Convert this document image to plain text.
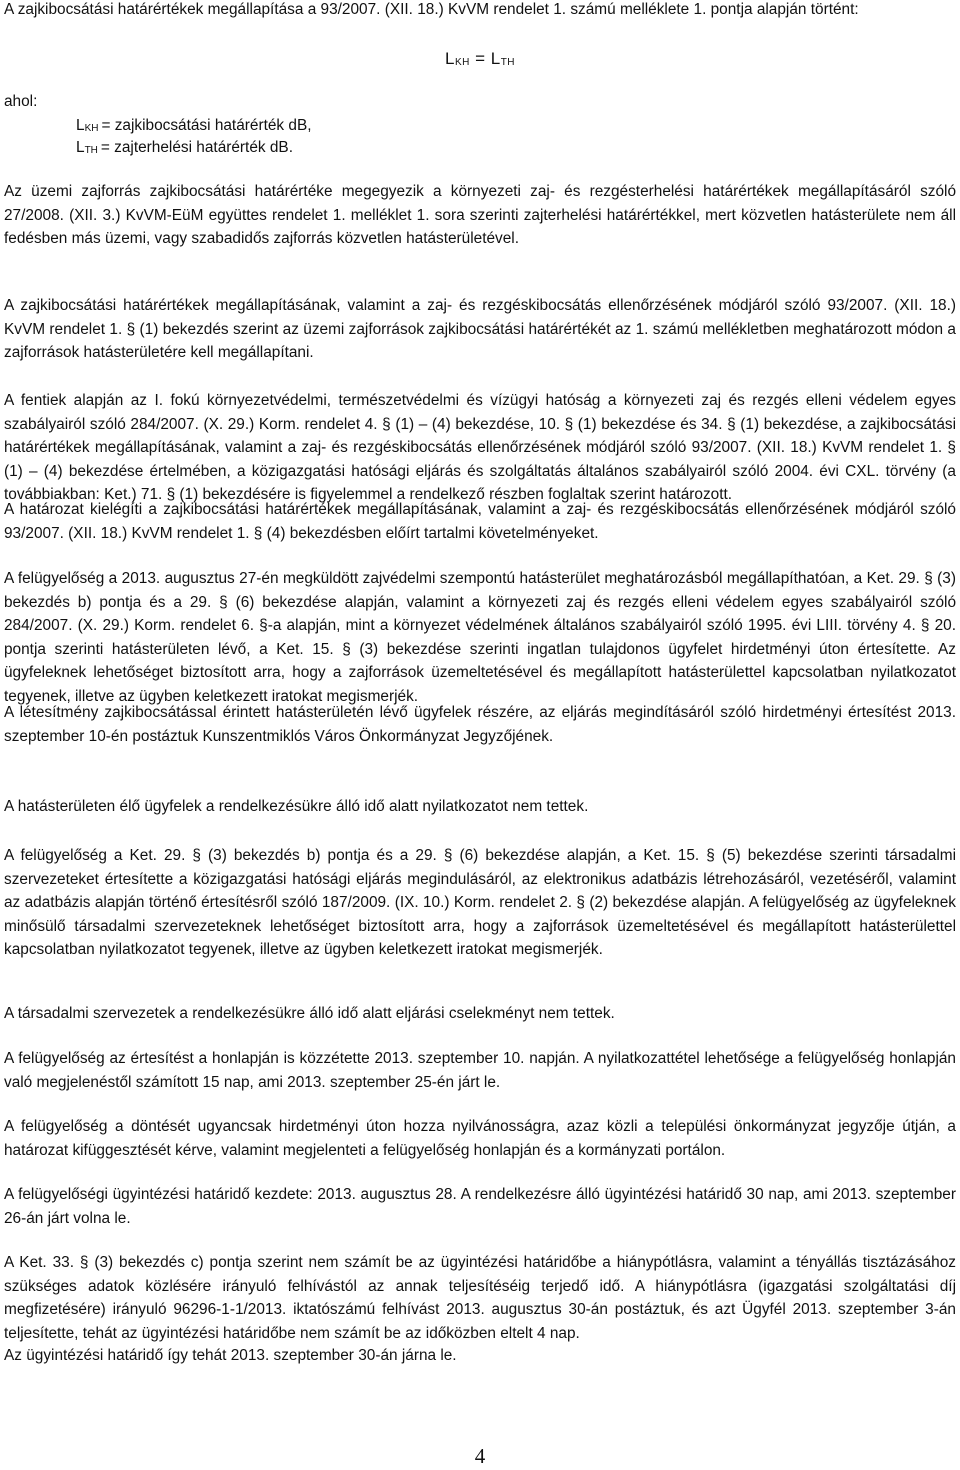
A zajkibocsátási határértékek megállapítása a 93/2007. (XII. 18.) KvVM rendelet 1. számú melléklete 1. pontja alapján történt:

$L_{KH} = L_{TH}$
ahol:
$L_{KH}$ = zajkibocsátási határérték dB,
$L_{TH}$ = zajterhelési határérték dB.

Az üzemi zajforrás zajkibocsátási határértéke megegyezik a környezeti zaj- és rezgésterhelési határértékek megállapításáról szóló 27/2008. (XII. 3.) KvVM-EüM együttes rendelet 1. melléklet 1. sora szerinti zajterhelési határértékkel, mert közvetlen hatásterülete nem áll fedésben más üzemi, vagy szabadidős zajforrás közvetlen hatásterületével.

A zajkibocsátási határértékek megállapításának, valamint a zaj- és rezgéskibocsátás ellenőrzésének módjáról szóló 93/2007. (XII. 18.) KvVM rendelet 1. § (1) bekezdés szerint az üzemi zajforrások zajkibocsátási határértékét az 1. számú mellékletben meghatározott módon a zajforrások hatásterületére kell megállapítani.

A fentiek alapján az I. fokú környezetvédelmi, természetvédelmi és vízügyi hatóság a környezeti zaj és rezgés elleni védelem egyes szabályairól szóló 284/2007. (X. 29.) Korm. rendelet 4. § (1) – (4) bekezdése, 10. § (1) bekezdése és 34. § (1) bekezdése, a zajkibocsátási határértékek megállapításának, valamint a zaj- és rezgéskibocsátás ellenőrzésének módjáról szóló 93/2007. (XII. 18.) KvVM rendelet 1. § (1) – (4) bekezdése értelmében, a közigazgatási hatósági eljárás és szolgáltatás általános szabályairól szóló 2004. évi CXL. törvény (a továbbiakban: Ket.) 71. § (1) bekezdésére is figyelemmel a rendelkező részben foglaltak szerint határozott.

A határozat kielégíti a zajkibocsátási határértékek megállapításának, valamint a zaj- és rezgéskibocsátás ellenőrzésének módjáról szóló 93/2007. (XII. 18.) KvVM rendelet 1. § (4) bekezdésben előírt tartalmi követelményeket.

A felügyelőség a 2013. augusztus 27-én megküldött zajvédelmi szempontú hatásterület meghatározásból megállapíthatóan, a Ket. 29. § (3) bekezdés b) pontja és a 29. § (6) bekezdése alapján, valamint a környezeti zaj és rezgés elleni védelem egyes szabályairól szóló 284/2007. (X. 29.) Korm. rendelet 6. §-a alapján, mint a környezet védelmének általános szabályairól szóló 1995. évi LIII. törvény 4. § 20. pontja szerinti hatásterületen lévő, a Ket. 15. § (3) bekezdése szerinti ingatlan tulajdonos ügyfelet hirdetményi úton értesítette. Az ügyfeleknek lehetőséget biztosított arra, hogy a zajforrások üzemeltetésével és megállapított hatásterülettel kapcsolatban nyilatkozatot tegyenek, illetve az ügyben keletkezett iratokat megismerjék.

A létesítmény zajkibocsátással érintett hatásterületén lévő ügyfelek részére, az eljárás megindításáról szóló hirdetményi értesítést 2013. szeptember 10-én postáztuk Kunszentmiklós Város Önkormányzat Jegyzőjének.

A hatásterületen élő ügyfelek a rendelkezésükre álló idő alatt nyilatkozatot nem tettek.

A felügyelőség a Ket. 29. § (3) bekezdés b) pontja és a 29. § (6) bekezdése alapján, a Ket. 15. § (5) bekezdése szerinti társadalmi szervezeteket értesítette a közigazgatási hatósági eljárás megindulásáról, az elektronikus adatbázis létrehozásáról, vezetéséről, valamint az adatbázis alapján történő értesítésről szóló 187/2009. (IX. 10.) Korm. rendelet 2. § (2) bekezdése alapján. A felügyelőség az ügyfeleknek minősülő társadalmi szervezeteknek lehetőséget biztosított arra, hogy a zajforrások üzemeltetésével és megállapított hatásterülettel kapcsolatban nyilatkozatot tegyenek, illetve az ügyben keletkezett iratokat megismerjék.

A társadalmi szervezetek a rendelkezésükre álló idő alatt eljárási cselekményt nem tettek.

A felügyelőség az értesítést a honlapján is közzétette 2013. szeptember 10. napján. A nyilatkozattétel lehetősége a felügyelőség honlapján való megjelenéstől számított 15 nap, ami 2013. szeptember 25-én járt le.

A felügyelőség a döntését ugyancsak hirdetményi úton hozza nyilvánosságra, azaz közli a települési önkormányzat jegyzője útján, a határozat kifüggesztését kérve, valamint megjelenteti a felügyelőség honlapján és a kormányzati portálon.

A felügyelőségi ügyintézési határidő kezdete: 2013. augusztus 28. A rendelkezésre álló ügyintézési határidő 30 nap, ami 2013. szeptember 26-án járt volna le.

A Ket. 33. § (3) bekezdés c) pontja szerint nem számít be az ügyintézési határidőbe a hiánypótlásra, valamint a tényállás tisztázásához szükséges adatok közlésére irányuló felhívástól az annak teljesítéséig terjedő idő. A hiánypótlásra (igazgatási szolgáltatási díj megfizetésére) irányuló 96296-1-1/2013. iktatószámú felhívást 2013. augusztus 30-án postáztuk, és azt Ügyfél 2013. szeptember 3-án teljesítette, tehát az ügyintézési határidőbe nem számít be az időközben eltelt 4 nap.

Az ügyintézési határidő így tehát 2013. szeptember 30-án járna le.

4
